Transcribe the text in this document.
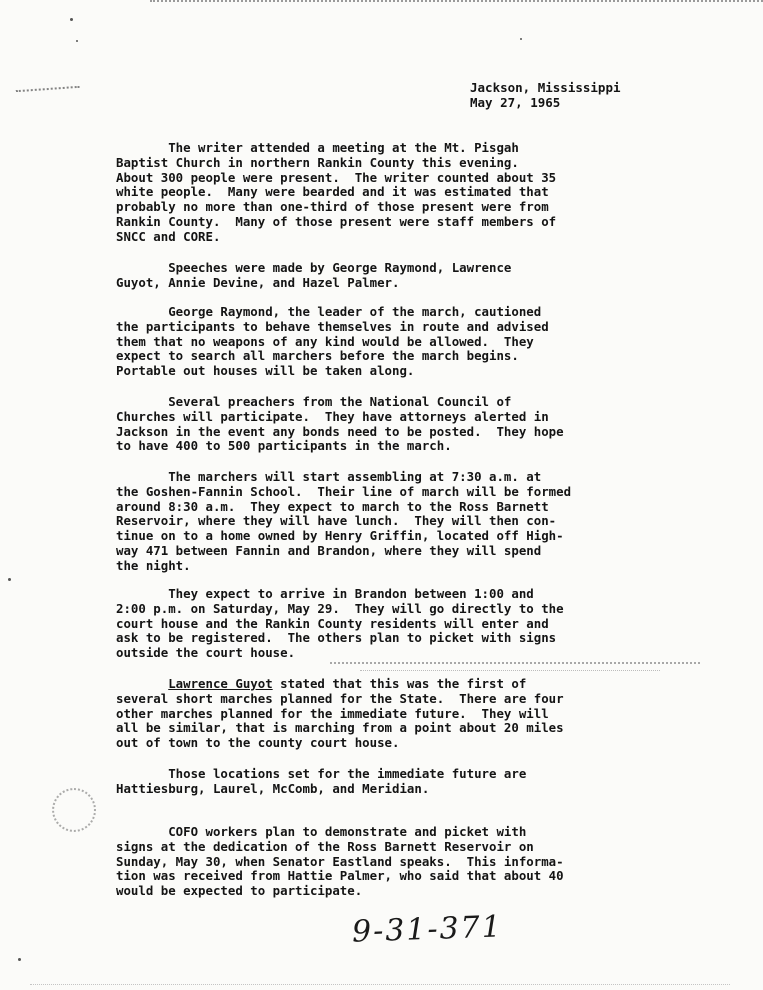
Jackson, Mississippi
May 27, 1965

The writer attended a meeting at the Mt. Pisgah
Baptist Church in northern Rankin County this evening.
About 300 people were present.  The writer counted about 35
white people.  Many were bearded and it was estimated that
probably no more than one-third of those present were from
Rankin County.  Many of those present were staff members of
SNCC and CORE.

Speeches were made by George Raymond, Lawrence
Guyot, Annie Devine, and Hazel Palmer.

George Raymond, the leader of the march, cautioned
the participants to behave themselves in route and advised
them that no weapons of any kind would be allowed.  They
expect to search all marchers before the march begins.
Portable out houses will be taken along.

Several preachers from the National Council of
Churches will participate.  They have attorneys alerted in
Jackson in the event any bonds need to be posted.  They hope
to have 400 to 500 participants in the march.

The marchers will start assembling at 7:30 a.m. at
the Goshen-Fannin School.  Their line of march will be formed
around 8:30 a.m.  They expect to march to the Ross Barnett
Reservoir, where they will have lunch.  They will then con-
tinue on to a home owned by Henry Griffin, located off High-
way 471 between Fannin and Brandon, where they will spend
the night.

They expect to arrive in Brandon between 1:00 and
2:00 p.m. on Saturday, May 29.  They will go directly to the
court house and the Rankin County residents will enter and
ask to be registered.  The others plan to picket with signs
outside the court house.

Lawrence Guyot stated that this was the first of
several short marches planned for the State.  There are four
other marches planned for the immediate future.  They will
all be similar, that is marching from a point about 20 miles
out of town to the county court house.

Those locations set for the immediate future are
Hattiesburg, Laurel, McComb, and Meridian.

COFO workers plan to demonstrate and picket with
signs at the dedication of the Ross Barnett Reservoir on
Sunday, May 30, when Senator Eastland speaks.  This informa-
tion was received from Hattie Palmer, who said that about 40
would be expected to participate.

9-31-371
